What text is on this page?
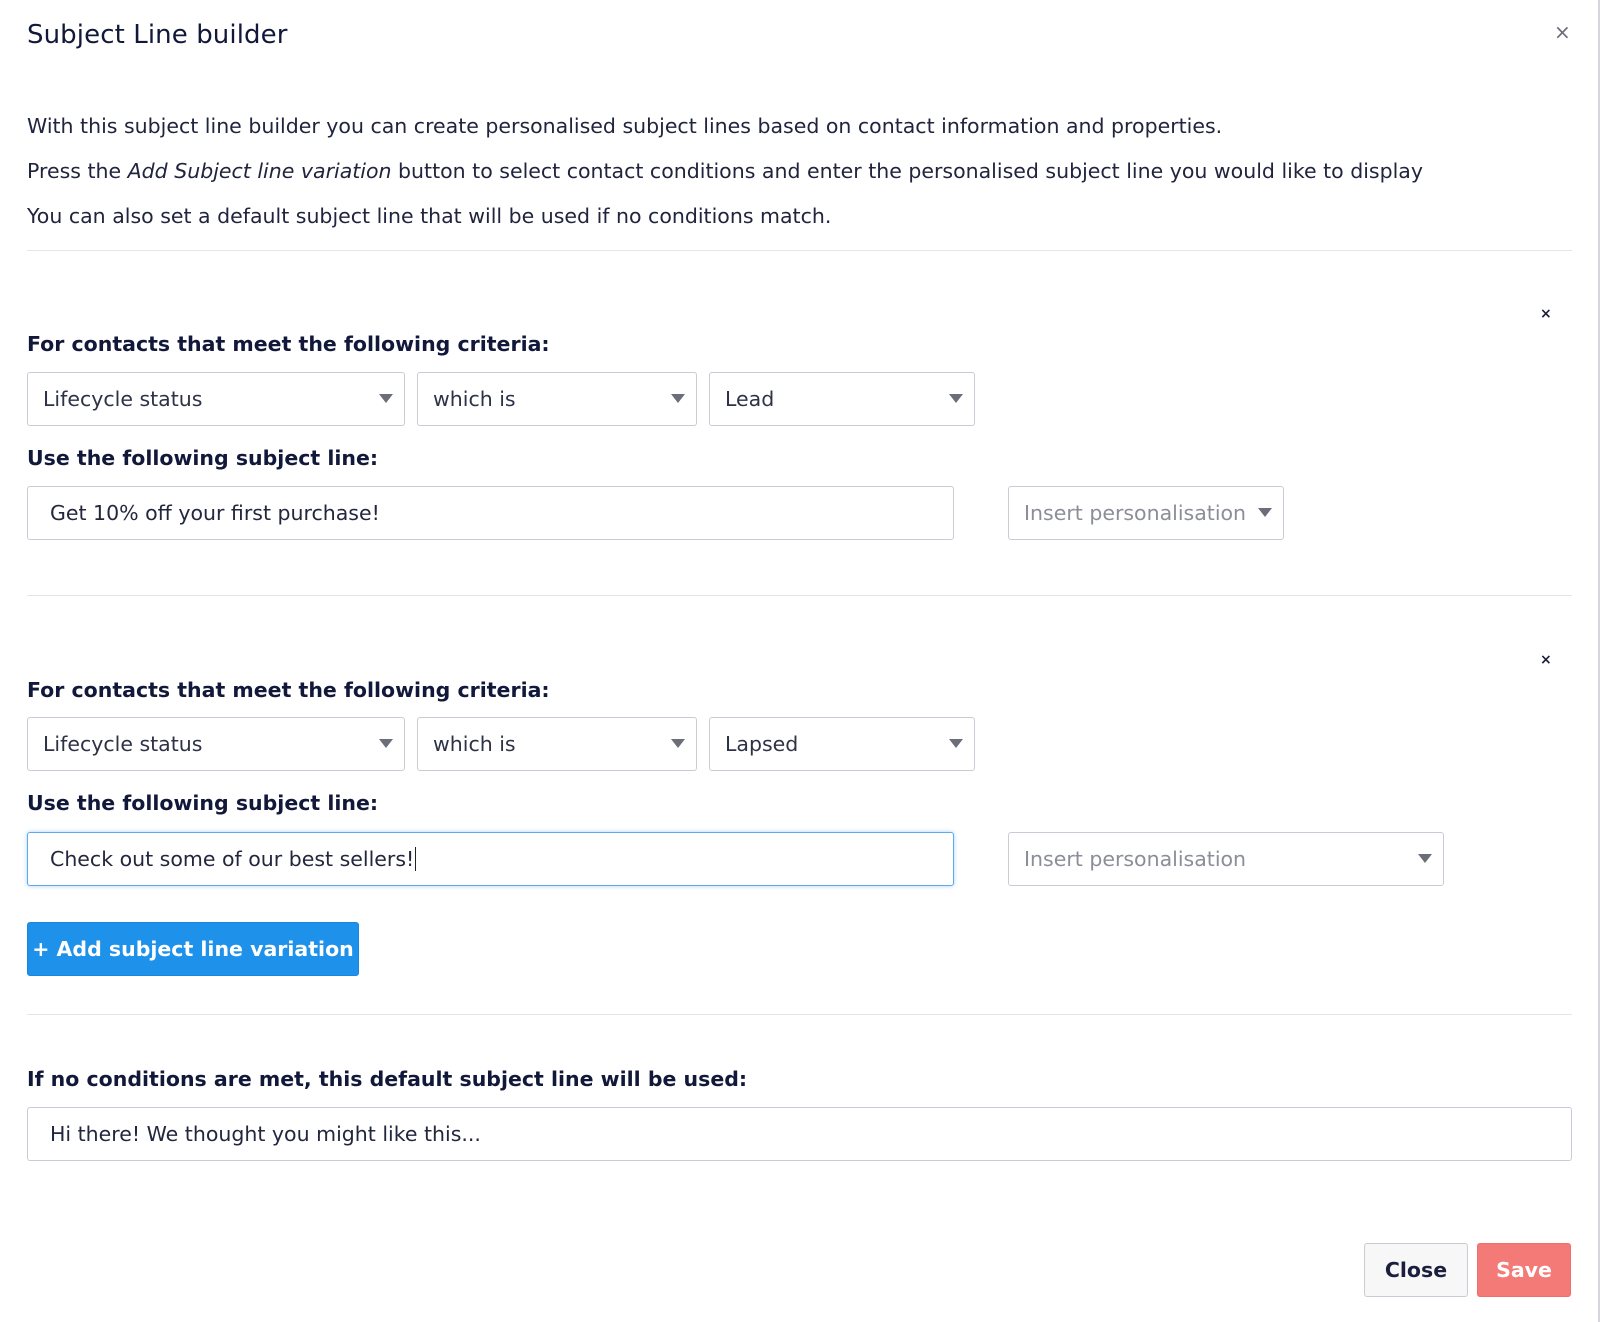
Subject Line builder	×
With this subject line builder you can create personalised subject lines based on contact information and properties.
Press the Add Subject line variation button to select contact conditions and enter the personalised subject line you would like to display
You can also set a default subject line that will be used if no conditions match.
×
For contacts that meet the following criteria:
Lifecycle status	which is	Lead
Use the following subject line:
Get 10% off your first purchase!	Insert personalisation
×
For contacts that meet the following criteria:
Lifecycle status	which is	Lapsed
Use the following subject line:
Check out some of our best sellers!	Insert personalisation
+ Add subject line variation
If no conditions are met, this default subject line will be used:
Hi there! We thought you might like this...
Close	Save
